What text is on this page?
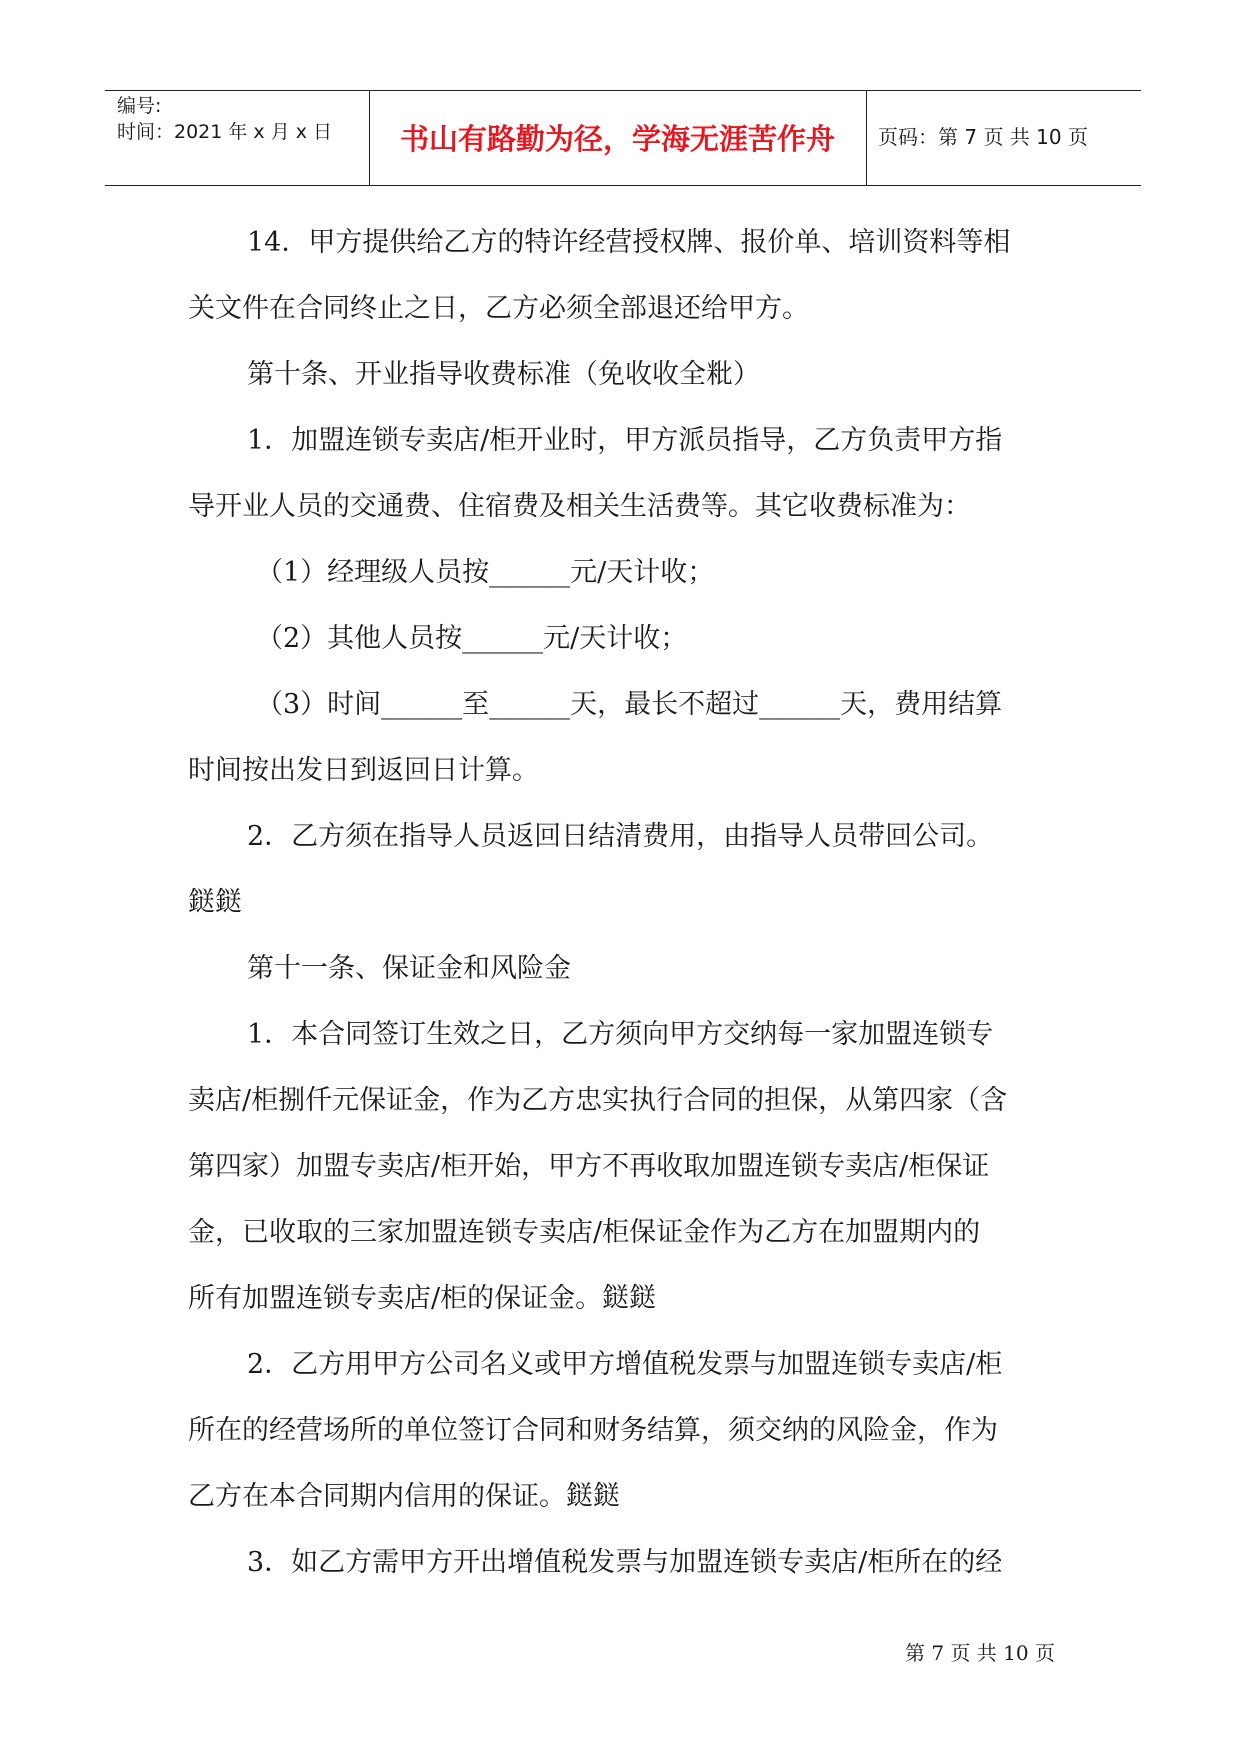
编号:
时间：2021 年 x 月 x 日	书山有路勤为径，学海无涯苦作舟	页码：第 7 页 共 10 页

14．甲方提供给乙方的特许经营授权牌、报价单、培训资料等相

关文件在合同终止之日，乙方必须全部退还给甲方。

第十条、开业指导收费标准（免收收全粃）

1．加盟连锁专卖店/柜开业时，甲方派员指导，乙方负责甲方指

导开业人员的交通费、住宿费及相关生活费等。其它收费标准为：

（1）经理级人员按______元/天计收；

（2）其他人员按______元/天计收；

（3）时间______至______天，最长不超过______天，费用结算

时间按出发日到返回日计算。

2．乙方须在指导人员返回日结清费用，由指导人员带回公司。

鎹鎹

第十一条、保证金和风险金

1．本合同签订生效之日，乙方须向甲方交纳每一家加盟连锁专

卖店/柜捌仟元保证金，作为乙方忠实执行合同的担保，从第四家（含

第四家）加盟专卖店/柜开始，甲方不再收取加盟连锁专卖店/柜保证

金，已收取的三家加盟连锁专卖店/柜保证金作为乙方在加盟期内的

所有加盟连锁专卖店/柜的保证金。鎹鎹

2．乙方用甲方公司名义或甲方增值税发票与加盟连锁专卖店/柜

所在的经营场所的单位签订合同和财务结算，须交纳的风险金，作为

乙方在本合同期内信用的保证。鎹鎹

3．如乙方需甲方开出增值税发票与加盟连锁专卖店/柜所在的经

第 7 页 共 10 页
